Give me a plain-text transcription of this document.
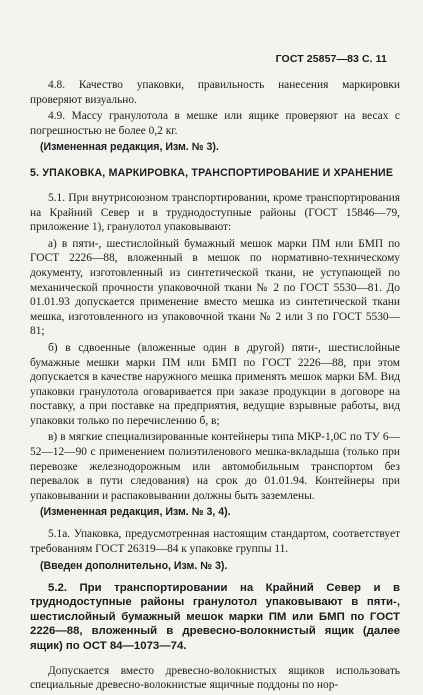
ГОСТ 25857—83 С. 11

4.8. Качество упаковки, правильность нанесения маркировки проверяют визуально.

4.9. Массу гранулотола в мешке или ящике проверяют на весах с погрешностью не более 0,2 кг.

(Измененная редакция, Изм. № 3).

5. УПАКОВКА, МАРКИРОВКА, ТРАНСПОРТИРОВАНИЕ И ХРАНЕНИЕ

5.1. При внутрисоюзном транспортировании, кроме транспортирования на Крайний Север и в труднодоступные районы (ГОСТ 15846—79, приложение 1), гранулотол упаковывают:

а) в пяти-, шестислойный бумажный мешок марки ПМ или БМП по ГОСТ 2226—88, вложенный в мешок по нормативно-техническому документу, изготовленный из синтетической ткани, не уступающей по механической прочности упаковочной ткани № 2 по ГОСТ 5530—81. До 01.01.93 допускается применение вместо мешка из синтетической ткани мешка, изготовленного из упаковочной ткани № 2 или 3 по ГОСТ 5530—81;

б) в сдвоенные (вложенные один в другой) пяти-, шестислойные бумажные мешки марки ПМ или БМП по ГОСТ 2226—88, при этом допускается в качестве наружного мешка применять мешок марки БМ. Вид упаковки гранулотола оговаривается при заказе продукции в договоре на поставку, а при поставке на предприятия, ведущие взрывные работы, вид упаковки только по перечислению б, в;

в) в мягкие специализированные контейнеры типа МКР-1,0С по ТУ 6—52—12—90 с применением полиэтиленового мешка-вкладыша (только при перевозке железнодорожным или автомобильным транспортом без перевалок в пути следования) на срок до 01.01.94. Контейнеры при упаковывании и распаковывании должны быть заземлены.

(Измененная редакция, Изм. № 3, 4).

5.1а. Упаковка, предусмотренная настоящим стандартом, соответствует требованиям ГОСТ 26319—84 к упаковке группы 11.

(Введен дополнительно, Изм. № 3).

5.2. При транспортировании на Крайний Север и в труднодоступные районы гранулотол упаковывают в пяти-, шестислойный бумажный мешок марки ПМ или БМП по ГОСТ 2226—88, вложенный в древесно-волокнистый ящик (далее ящик) по ОСТ 84—1073—74.

Допускается вместо древесно-волокнистых ящиков использовать специальные древесно-волокнистые ящичные поддоны по нор-
